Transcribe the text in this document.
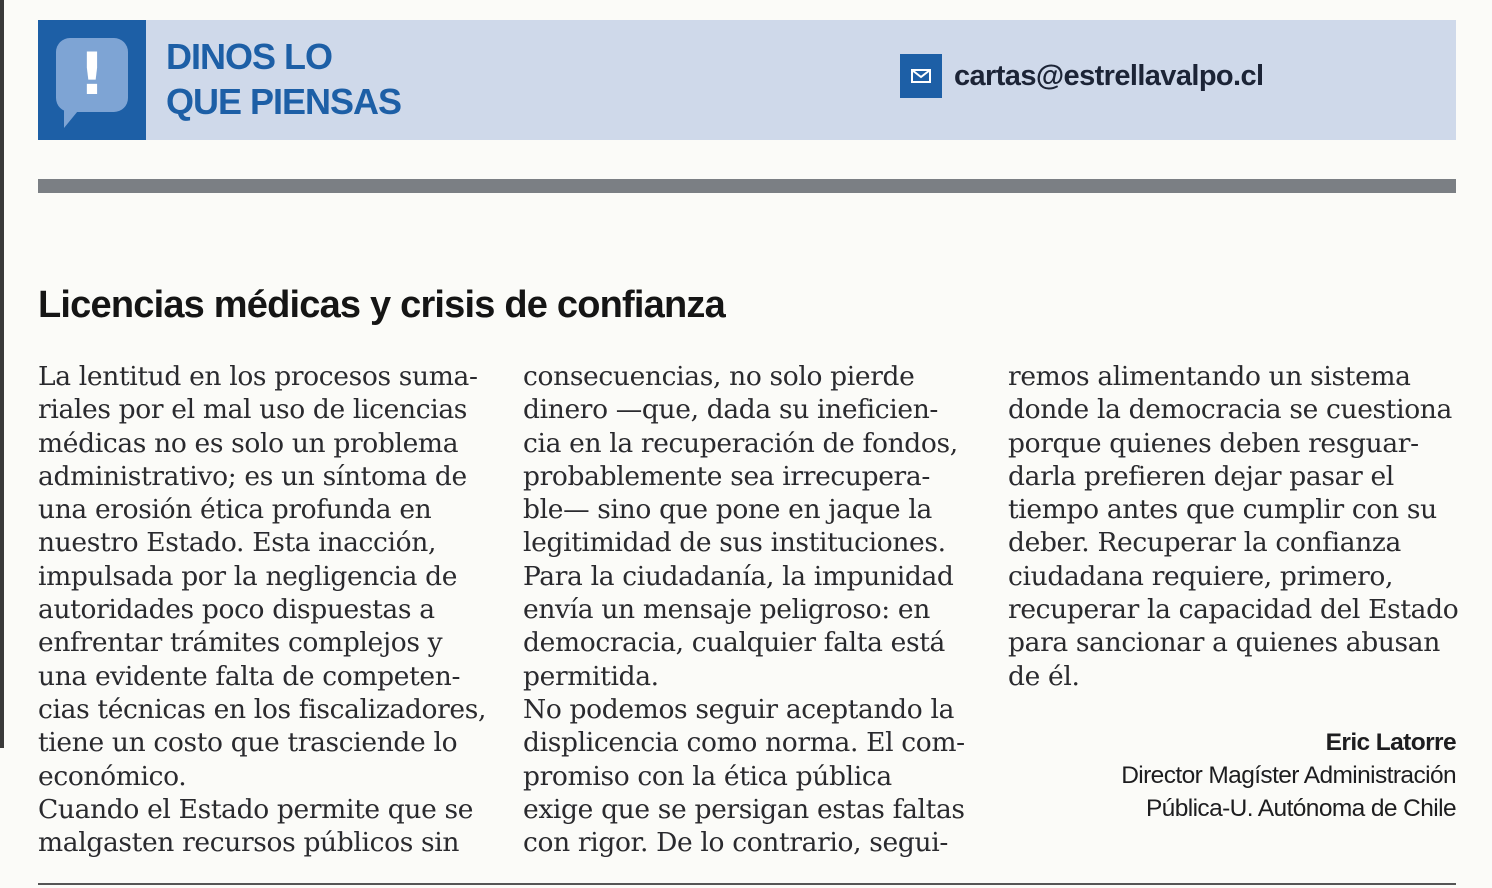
!	DINOS LO
QUE PIENSAS
cartas@estrellavalpo.cl
Licencias médicas y crisis de confianza
La lentitud en los procesos suma-
riales por el mal uso de licencias
médicas no es solo un problema
administrativo; es un síntoma de
una erosión ética profunda en
nuestro Estado. Esta inacción,
impulsada por la negligencia de
autoridades poco dispuestas a
enfrentar trámites complejos y
una evidente falta de competen-
cias técnicas en los fiscalizadores,
tiene un costo que trasciende lo
económico.
Cuando el Estado permite que se
malgasten recursos públicos sin
consecuencias, no solo pierde
dinero —que, dada su ineficien-
cia en la recuperación de fondos,
probablemente sea irrecupera-
ble— sino que pone en jaque la
legitimidad de sus instituciones.
Para la ciudadanía, la impunidad
envía un mensaje peligroso: en
democracia, cualquier falta está
permitida.
No podemos seguir aceptando la
displicencia como norma. El com-
promiso con la ética pública
exige que se persigan estas faltas
con rigor. De lo contrario, segui-
remos alimentando un sistema
donde la democracia se cuestiona
porque quienes deben resguar-
darla prefieren dejar pasar el
tiempo antes que cumplir con su
deber. Recuperar la confianza
ciudadana requiere, primero,
recuperar la capacidad del Estado
para sancionar a quienes abusan
de él.
Eric Latorre
Director Magíster Administración
Pública-U. Autónoma de Chile
